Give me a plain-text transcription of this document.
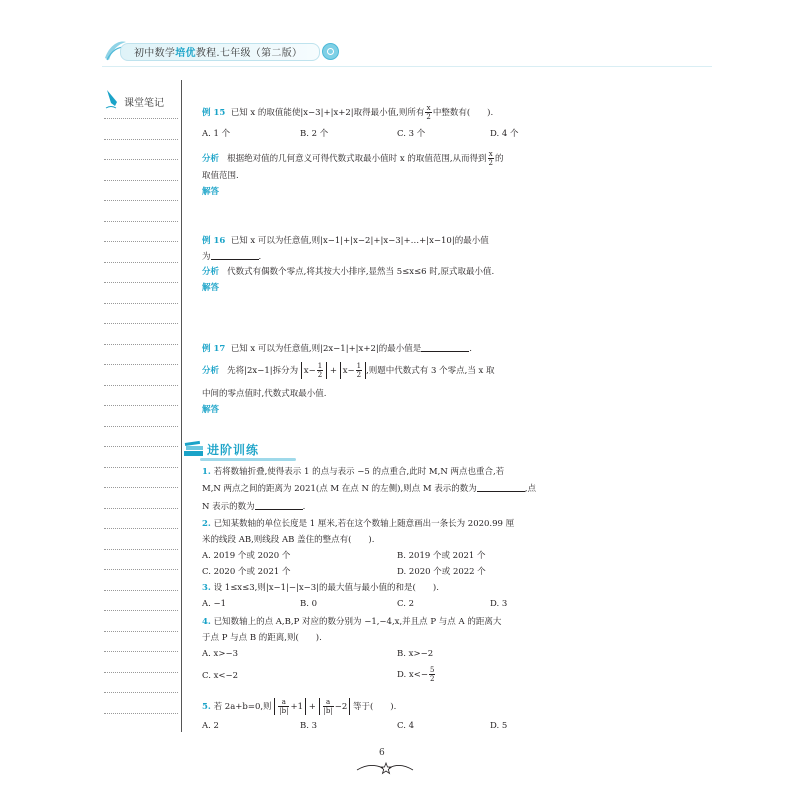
初中数学培优教程.七年级（第二版）
课堂笔记
例 15 已知 x 的取值能使|x−3|+|x+2|取得最小值,则所有 $\frac{x}{2}$ 中整数有(　　).
A. 1 个	B. 2 个	C. 3 个	D. 4 个
分析 根据绝对值的几何意义可得代数式取最小值时 x 的取值范围,从而得到 $\frac{x}{2}$ 的
取值范围.
解答
例 16 已知 x 可以为任意值,则|x−1|+|x−2|+|x−3|+…+|x−10|的最小值
为	.
分析 代数式有偶数个零点,将其按大小排序,显然当 5≤x≤6 时,原式取最小值.
解答
例 17 已知 x 可以为任意值,则|2x−1|+|x+2|的最小值是	.
分析 先将|2x−1|拆分为 $x- \frac{1}{2} + x- \frac{1}{2}$ ,则题中代数式有 3 个零点,当 x 取
中间的零点值时,代数式取最小值.
解答
进阶训练
1. 若将数轴折叠,使得表示 1 的点与表示 −5 的点重合,此时 M,N 两点也重合,若
M,N 两点之间的距离为 2021(点 M 在点 N 的左侧),则点 M 表示的数为	,点
N 表示的数为	.
2. 已知某数轴的单位长度是 1 厘米,若在这个数轴上随意画出一条长为 2020.99 厘
米的线段 AB,则线段 AB 盖住的整点有(　　).
A. 2019 个或 2020 个	B. 2019 个或 2021 个
C. 2020 个或 2021 个	D. 2020 个或 2022 个
3. 设 1≤x≤3,则|x−1|−|x−3|的最大值与最小值的和是(　　).
A. −1	B. 0	C. 2	D. 3
4. 已知数轴上的点 A,B,P 对应的数分别为 −1,−4,x,并且点 P 与点 A 的距离大
于点 P 与点 B 的距离,则(　　).
A. x>−3	B. x>−2
C. x<−2	D. $x<- \frac{5}{2}$
5. 若 2a+b=0,则 $\frac{a}{|b|} +1 + \frac{a}{|b|} -2$ 等于(　　).
A. 2	B. 3	C. 4	D. 5
6
